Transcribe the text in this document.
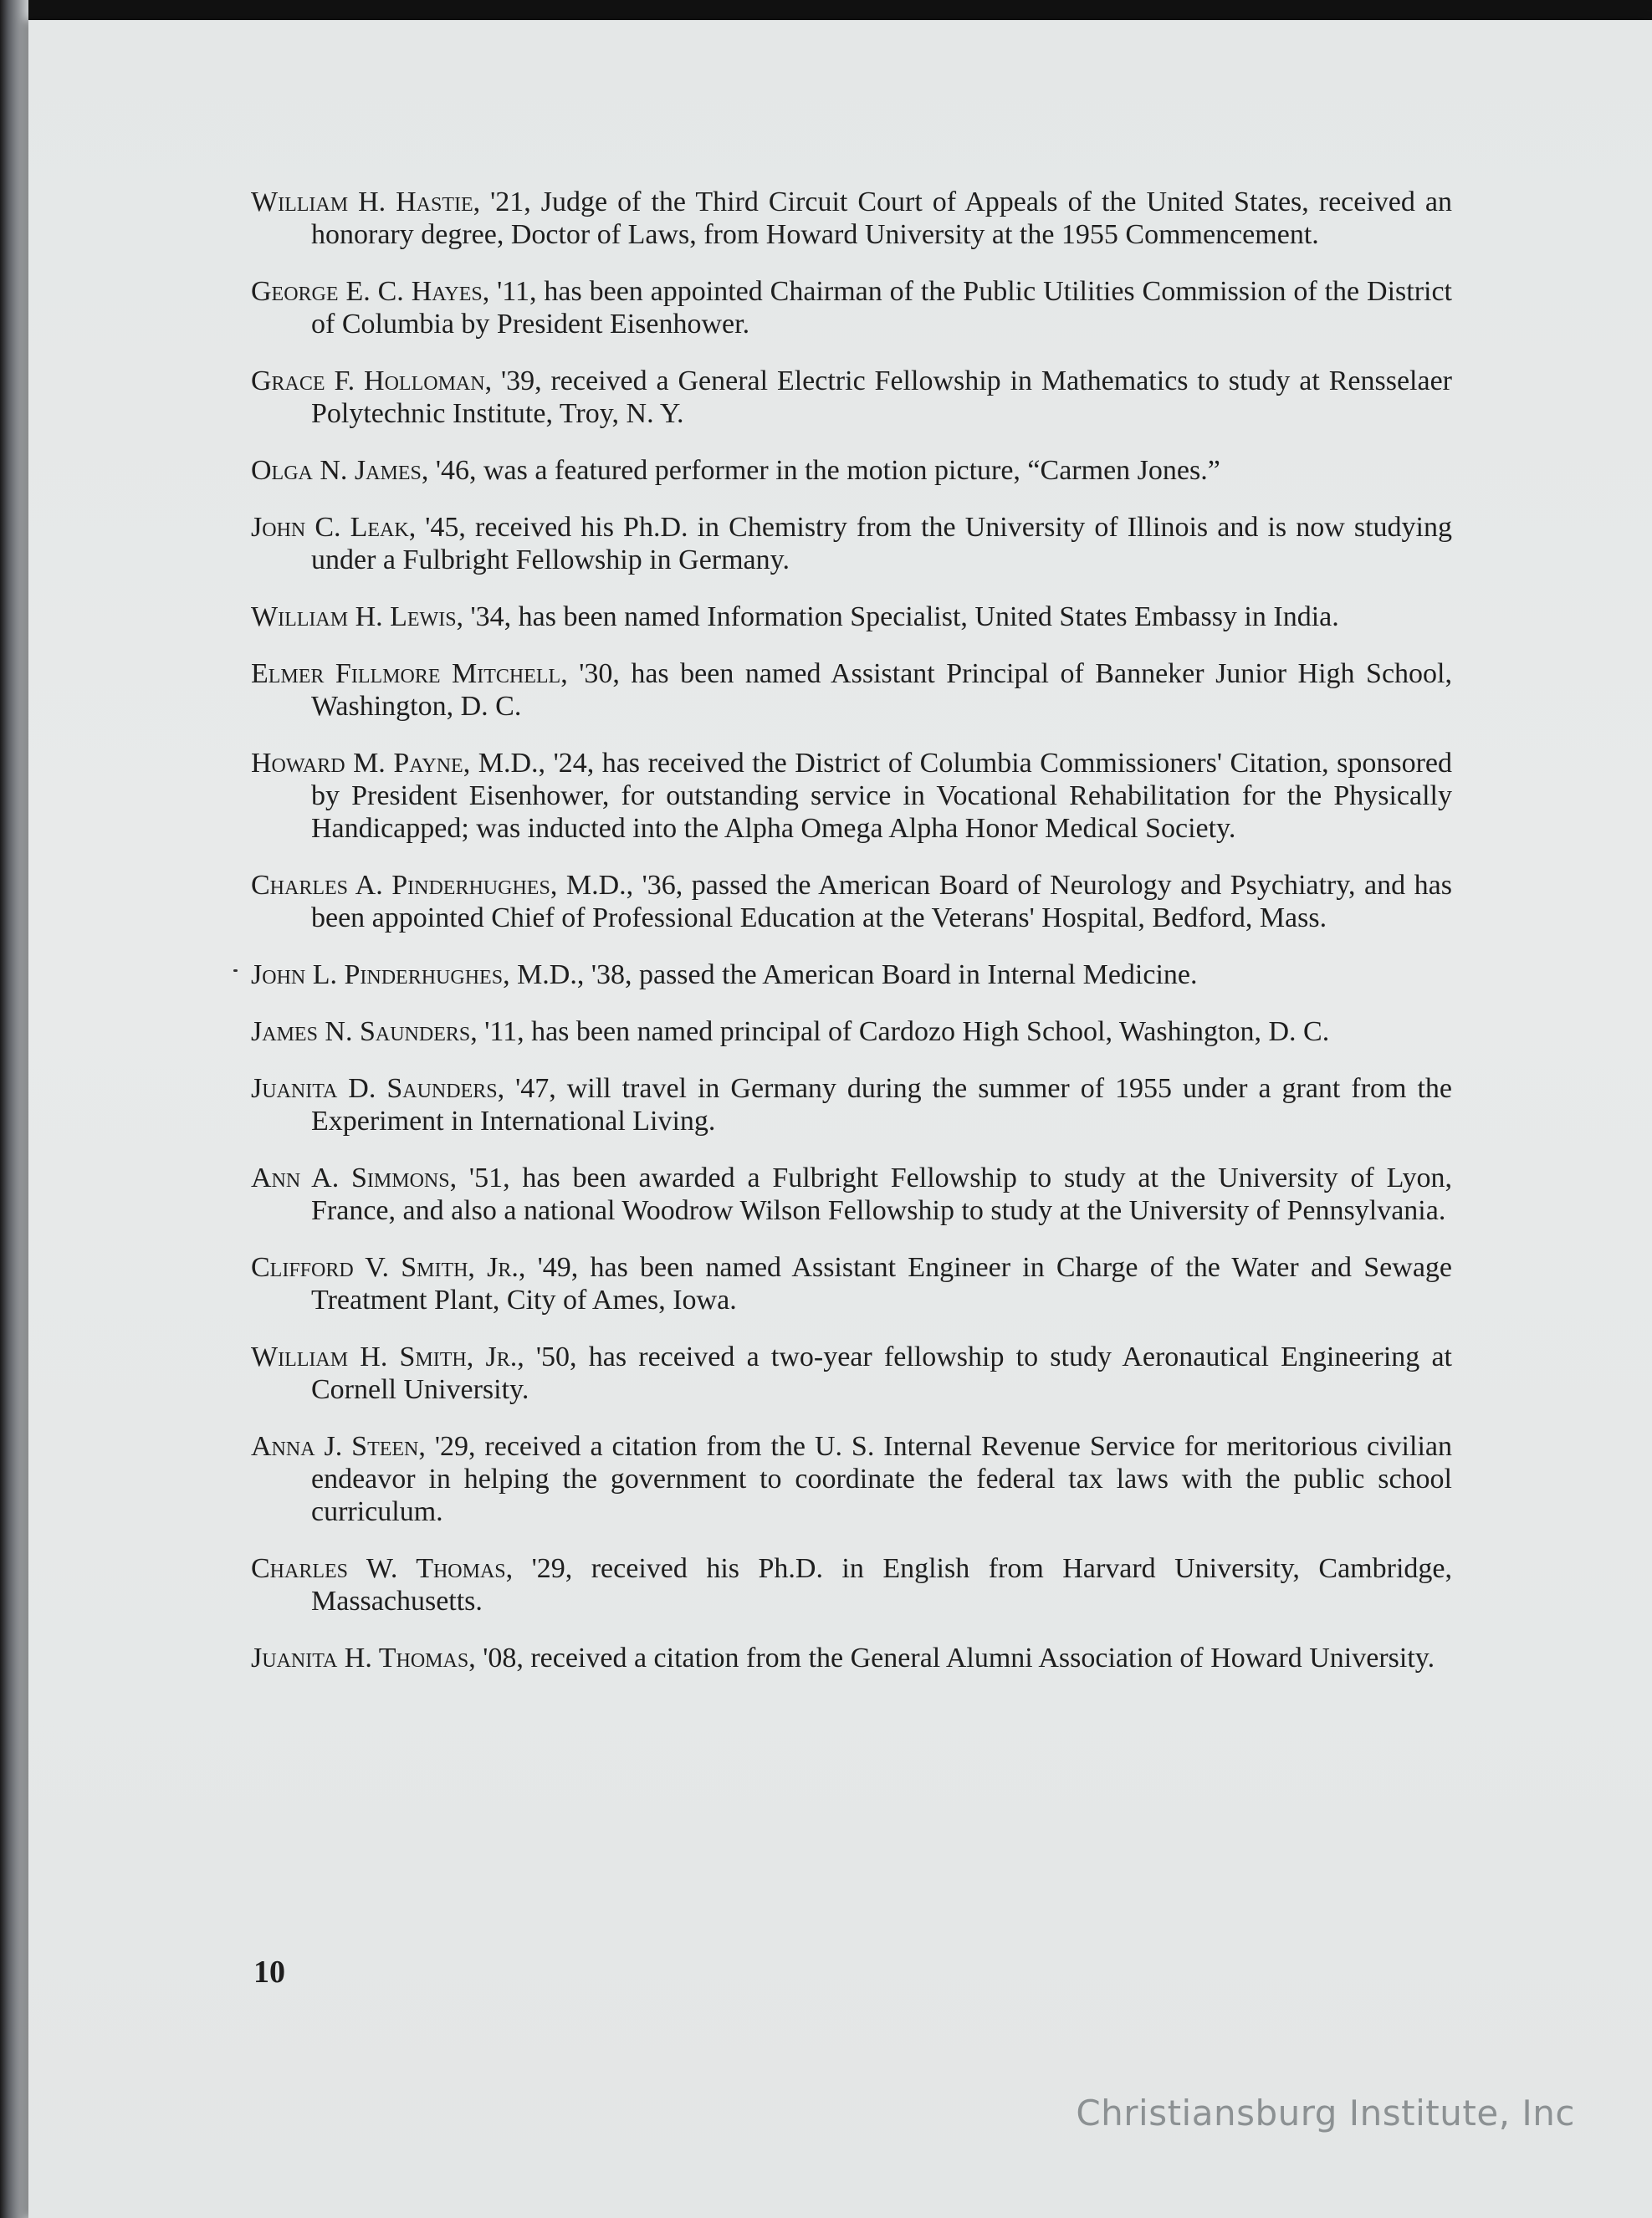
William H. Hastie, '21, Judge of the Third Circuit Court of Appeals of the United States, received an honorary degree, Doctor of Laws, from Howard University at the 1955 Commencement.

George E. C. Hayes, '11, has been appointed Chairman of the Public Utilities Commission of the District of Columbia by President Eisenhower.

Grace F. Holloman, '39, received a General Electric Fellowship in Mathematics to study at Rensselaer Polytechnic Institute, Troy, N. Y.

Olga N. James, '46, was a featured performer in the motion picture, “Carmen Jones.”

John C. Leak, '45, received his Ph.D. in Chemistry from the University of Illinois and is now studying under a Fulbright Fellowship in Germany.

William H. Lewis, '34, has been named Information Specialist, United States Embassy in India.

Elmer Fillmore Mitchell, '30, has been named Assistant Principal of Banneker Junior High School, Washington, D. C.

Howard M. Payne, M.D., '24, has received the District of Columbia Commissioners' Citation, sponsored by President Eisenhower, for outstanding service in Vocational Rehabilitation for the Physically Handicapped; was inducted into the Alpha Omega Alpha Honor Medical Society.

Charles A. Pinderhughes, M.D., '36, passed the American Board of Neurology and Psychiatry, and has been appointed Chief of Professional Education at the Veterans' Hospital, Bedford, Mass.

John L. Pinderhughes, M.D., '38, passed the American Board in Internal Medicine.

James N. Saunders, '11, has been named principal of Cardozo High School, Washington, D. C.

Juanita D. Saunders, '47, will travel in Germany during the summer of 1955 under a grant from the Experiment in International Living.

Ann A. Simmons, '51, has been awarded a Fulbright Fellowship to study at the University of Lyon, France, and also a national Woodrow Wilson Fellowship to study at the University of Pennsylvania.

Clifford V. Smith, Jr., '49, has been named Assistant Engineer in Charge of the Water and Sewage Treatment Plant, City of Ames, Iowa.

William H. Smith, Jr., '50, has received a two-year fellowship to study Aeronautical Engineering at Cornell University.

Anna J. Steen, '29, received a citation from the U. S. Internal Revenue Service for meritorious civilian endeavor in helping the government to coordinate the federal tax laws with the public school curriculum.

Charles W. Thomas, '29, received his Ph.D. in English from Harvard University, Cambridge, Massachusetts.

Juanita H. Thomas, '08, received a citation from the General Alumni Association of Howard University.

10
Christiansburg Institute, Inc
